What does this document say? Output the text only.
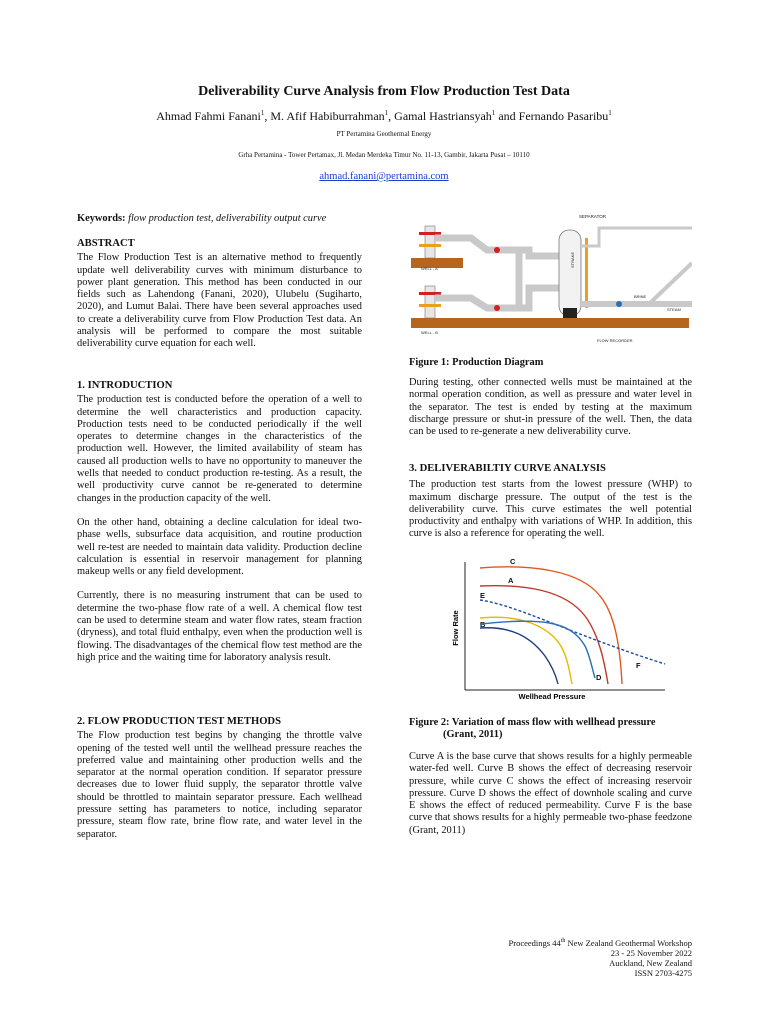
Deliverability Curve Analysis from Flow Production Test Data
Ahmad Fahmi Fanani$^1$, M. Afif Habiburrahman$^1$, Gamal Hastriansyah$^1$ and Fernando Pasaribu$^1$
PT Pertamina Geothermal Energy
Grha Pertamina - Tower Pertamax, Jl. Medan Merdeka Timur No. 11-13, Gambir, Jakarta Pusat – 10110
ahmad.fanani@pertamina.com
Keywords: flow production test, deliverability output curve

ABSTRACT

The Flow Production Test is an alternative method to frequently update well deliverability curves with minimum disturbance to power plant generation. This method has been conducted in our fields such as Lahendong (Fanani, 2020), Ulubelu (Sugiharto, 2020), and Lumut Balai. There have been several approaches used to create a deliverability curve from Flow Production Test data. An analysis will be performed to compare the most suitable deliverability curve equation for each well.

1. INTRODUCTION

The production test is conducted before the operation of a well to determine the well characteristics and production capacity. Production tests need to be conducted periodically if the well operates to determine changes in the characteristics of the production well. However, the limited availability of steam has caused all production wells to have no opportunity to maneuver the wells that needed to conduct production re-testing. As a result, the well productivity curve cannot be re-generated to determine changes in the production capacity of the well.

On the other hand, obtaining a decline calculation for ideal two-phase wells, subsurface data acquisition, and routine production well re-test are needed to maintain data validity. Production decline calculation is essential in reservoir management for planning makeup wells or any field development.

Currently, there is no measuring instrument that can be used to determine the two-phase flow rate of a well. A chemical flow test can be used to determine steam and water flow rates, steam fraction (dryness), and total fluid enthalpy, even when the production well is flowing. The disadvantages of the chemical flow test method are the high price and the waiting time for laboratory analysis result.

2. FLOW PRODUCTION TEST METHODS

The Flow production test begins by changing the throttle valve opening of the tested well until the wellhead pressure reaches the preferred value and maintaining other production wells and the separator at the normal operation condition. If separator pressure decreases due to lower fluid supply, the separator throttle valve should be throttled to maintain separator pressure. Each wellhead pressure setting has parameters to notice, including separator pressure, steam flow rate, brine flow rate, and water level in the separator.

SEPARATOR
STRAKE
WELL - A
WELL - B
BRINE
STEAM
FLOW RECORDER

Figure 1: Production Diagram

During testing, other connected wells must be maintained at the normal operation condition, as well as pressure and water level in the separator. The test is ended by testing at the maximum discharge pressure or shut-in pressure of the well. Then, the data can be used to re-generate a new deliverability curve.

3. DELIVERABILTIY CURVE ANALYSIS

The production test starts from the lowest pressure (WHP) to maximum discharge pressure. The output of the test is the deliverability curve. This curve estimates the well potential productivity and enthalpy with variations of WHP. In addition, this curve is also a reference for operating the well.

Flow Rate
Wellhead Pressure
C
A
E
B
D
F

Figure 2: Variation of mass flow with wellhead pressure
(Grant, 2011)

Curve A is the base curve that shows results for a highly permeable water-fed well. Curve B shows the effect of decreasing reservoir pressure, while curve C shows the effect of increasing reservoir pressure. Curve D shows the effect of downhole scaling and curve E shows the effect of reduced permeability. Curve F is the base curve that shows results for a highly permeable two-phase feedzone (Grant, 2011)

Proceedings 44th New Zealand Geothermal Workshop
23 - 25 November 2022
Auckland, New Zealand
ISSN 2703-4275
